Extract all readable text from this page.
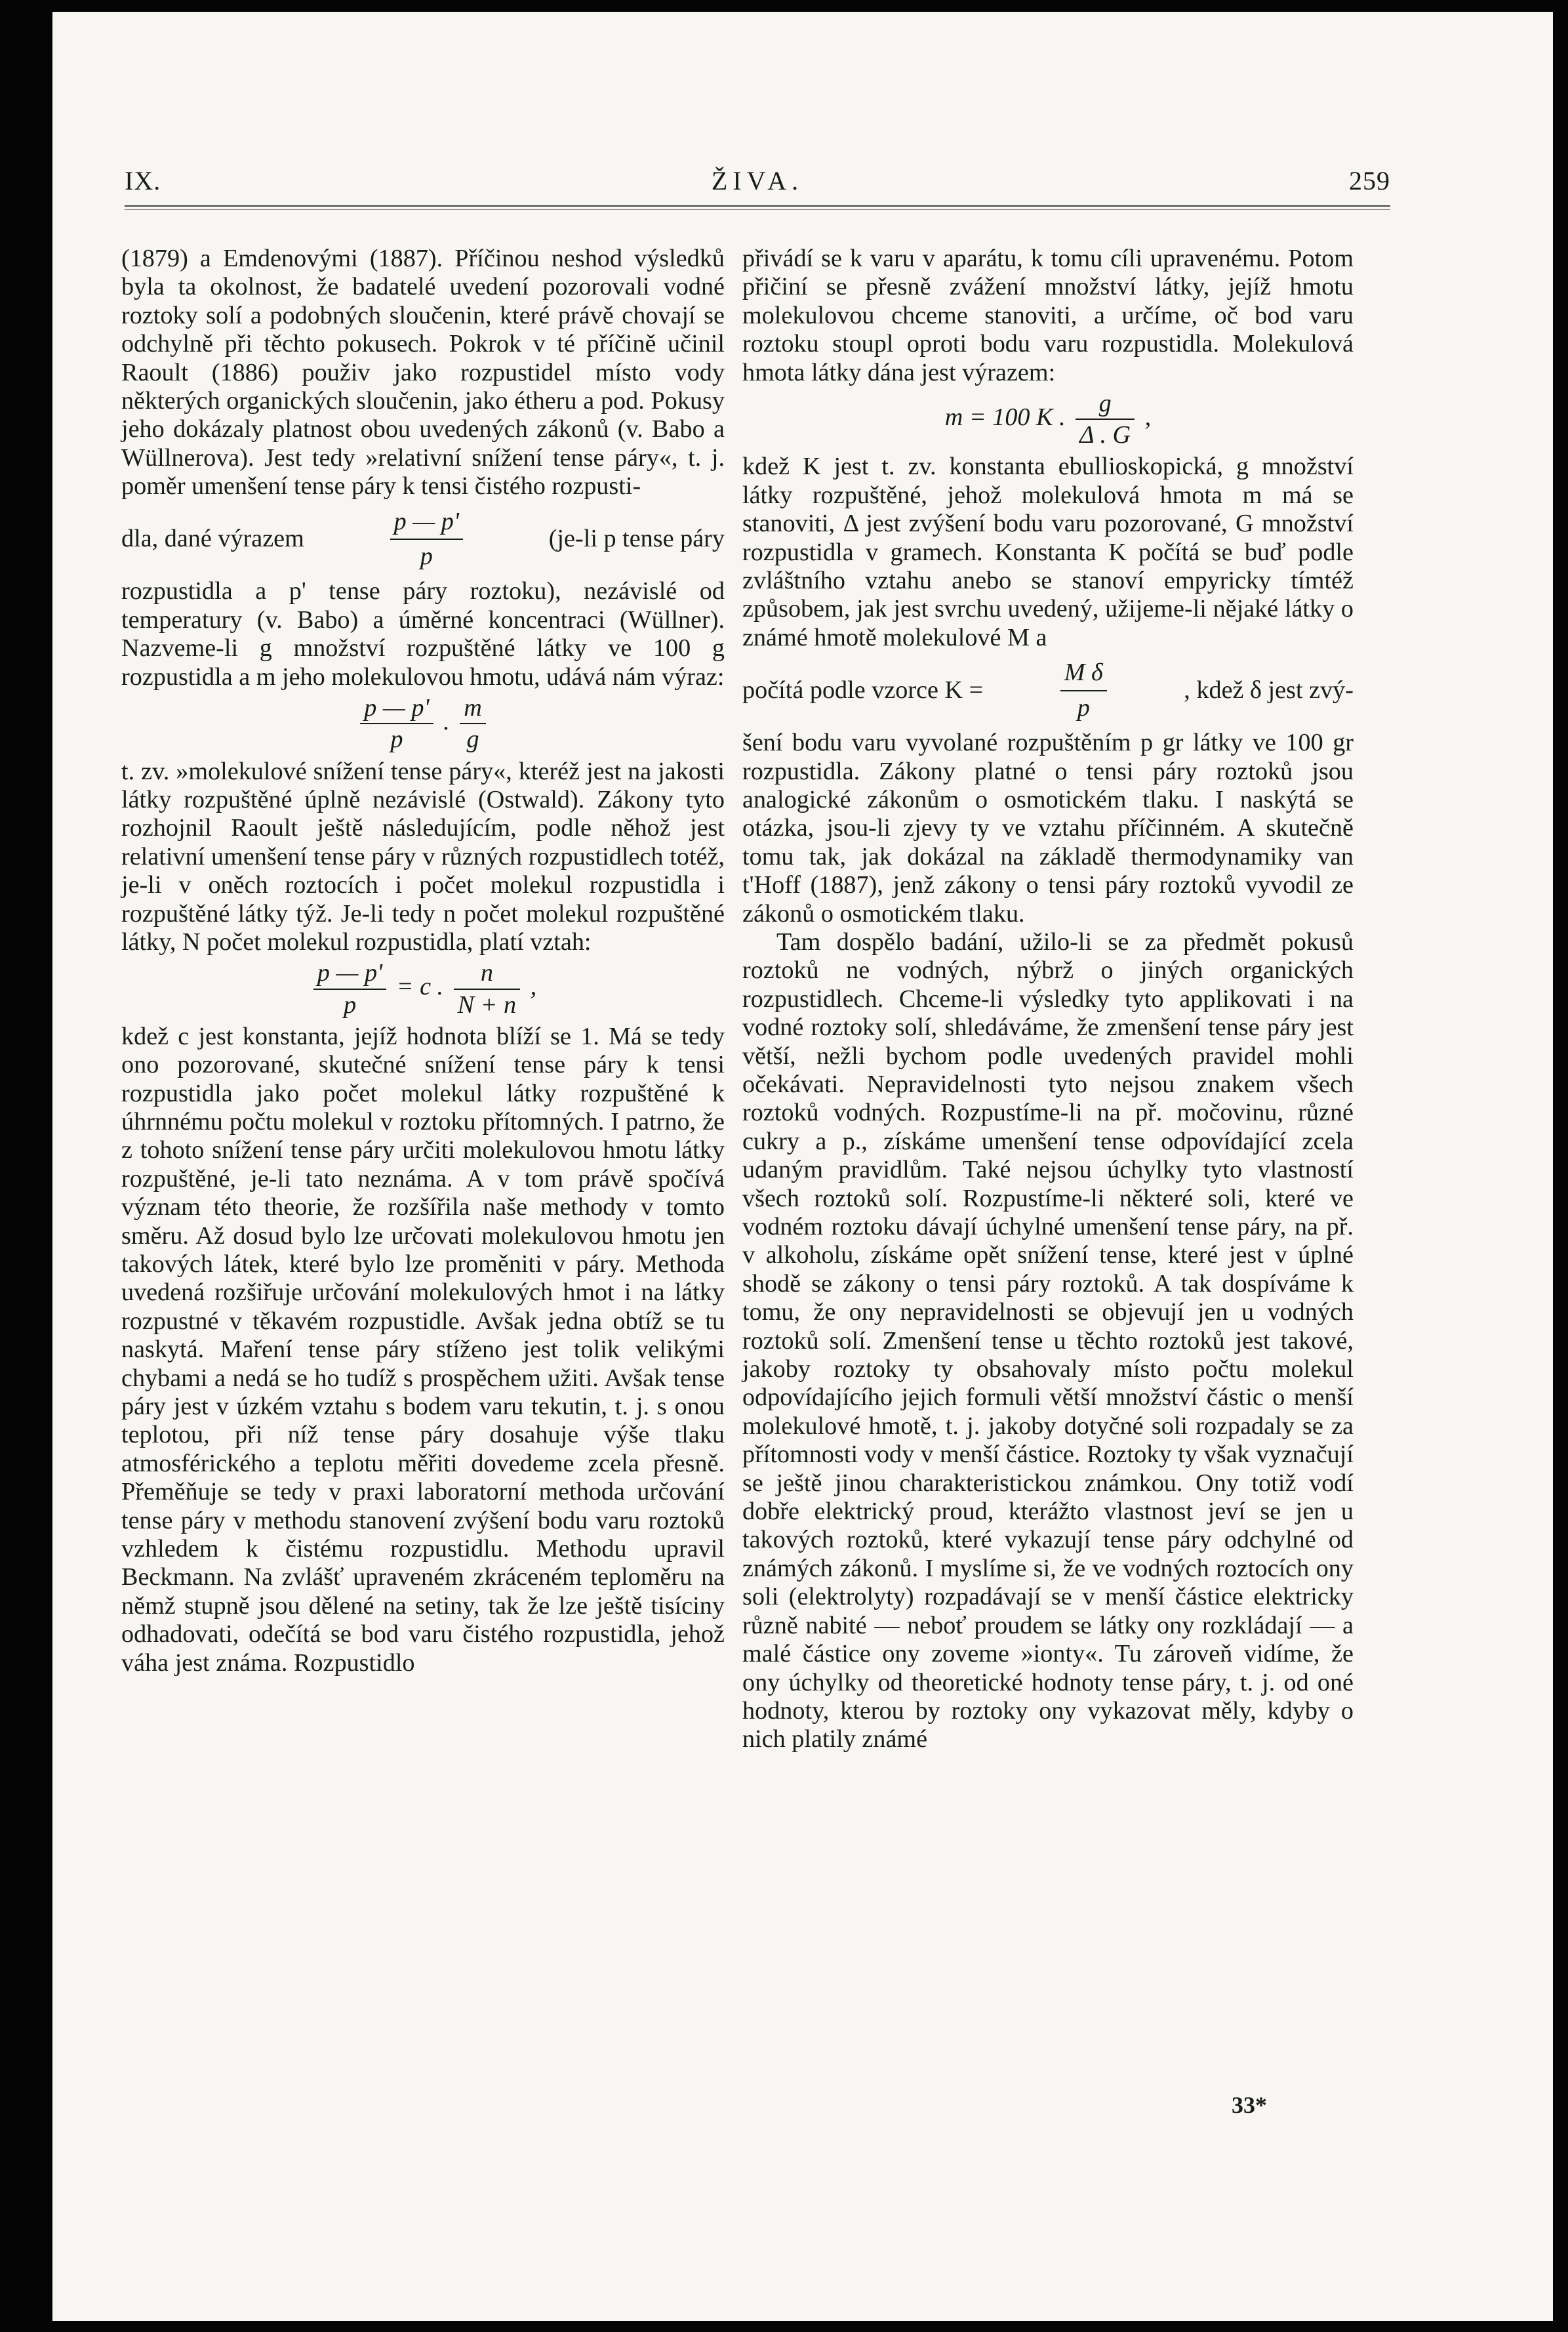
IX.	ŽIVA.	259

(1879) a Emdenovými (1887). Příčinou neshod výsledků byla ta okolnost, že badatelé uvedení pozorovali vodné roztoky solí a podobných sloučenin, které právě chovají se odchylně při těchto pokusech. Pokrok v té příčině učinil Raoult (1886) použiv jako rozpustidel místo vody některých organických sloučenin, jako étheru a pod. Pokusy jeho dokázaly platnost obou uvedených zákonů (v. Babo a Wüllnerova). Jest tedy »relativní snížení tense páry«, t. j. poměr umenšení tense páry k tensi čistého rozpusti-

dla, dané výrazem	$\frac{p — p'}{p}$	(je-li p tense páry

rozpustidla a p' tense páry roztoku), nezávislé od temperatury (v. Babo) a úměrné koncentraci (Wüllner). Nazveme-li g množství rozpuštěné látky ve 100 g rozpustidla a m jeho molekulovou hmotu, udává nám výraz:

$\frac{p — p'}{p}$ . $\frac{m}{g}$

t. zv. »molekulové snížení tense páry«, kteréž jest na jakosti látky rozpuštěné úplně nezávislé (Ostwald). Zákony tyto rozhojnil Raoult ještě následujícím, podle něhož jest relativní umenšení tense páry v různých rozpustidlech totéž, je-li v oněch roztocích i počet molekul rozpustidla i rozpuštěné látky týž. Je-li tedy n počet molekul rozpuštěné látky, N počet molekul rozpustidla, platí vztah:

$\frac{p — p'}{p} = c$ . $\frac{n}{N + n}$ ,

kdež c jest konstanta, jejíž hodnota blíží se 1. Má se tedy ono pozorované, skutečné snížení tense páry k tensi rozpustidla jako počet molekul látky rozpuštěné k úhrnnému počtu molekul v roztoku přítomných. I patrno, že z tohoto snížení tense páry určiti molekulovou hmotu látky rozpuštěné, je-li tato neznáma. A v tom právě spočívá význam této theorie, že rozšířila naše methody v tomto směru. Až dosud bylo lze určovati molekulovou hmotu jen takových látek, které bylo lze proměniti v páry. Methoda uvedená rozšiřuje určování molekulových hmot i na látky rozpustné v těkavém rozpustidle. Avšak jedna obtíž se tu naskytá. Maření tense páry stíženo jest tolik velikými chybami a nedá se ho tudíž s prospěchem užiti. Avšak tense páry jest v úzkém vztahu s bodem varu tekutin, t. j. s onou teplotou, při níž tense páry dosahuje výše tlaku atmosférického a teplotu měřiti dovedeme zcela přesně. Přeměňuje se tedy v praxi laboratorní methoda určování tense páry v methodu stanovení zvýšení bodu varu roztoků vzhledem k čistému rozpustidlu. Methodu upravil Beckmann. Na zvlášť upraveném zkráceném teploměru na němž stupně jsou dělené na setiny, tak že lze ještě tisíciny odhadovati, odečítá se bod varu čistého rozpustidla, jehož váha jest známa. Rozpustidlo

přivádí se k varu v aparátu, k tomu cíli upravenému. Potom přičiní se přesně zvážení množství látky, jejíž hmotu molekulovou chceme stanoviti, a určíme, oč bod varu roztoku stoupl oproti bodu varu rozpustidla. Molekulová hmota látky dána jest výrazem:

m = 100 K . $\frac{g}{\Delta . G}$ ,

kdež K jest t. zv. konstanta ebullioskopická, g množství látky rozpuštěné, jehož molekulová hmota m má se stanoviti, Δ jest zvýšení bodu varu pozorované, G množství rozpustidla v gramech. Konstanta K počítá se buď podle zvláštního vztahu anebo se stanoví empyricky tímtéž způsobem, jak jest svrchu uvedený, užijeme-li nějaké látky o známé hmotě molekulové M a

počítá podle vzorce K =	$\frac{\text{M δ}}{p}$	, kdež δ jest zvý-

šení bodu varu vyvolané rozpuštěním p gr látky ve 100 gr rozpustidla. Zákony platné o tensi páry roztoků jsou analogické zákonům o osmotickém tlaku. I naskýtá se otázka, jsou-li zjevy ty ve vztahu příčinném. A skutečně tomu tak, jak dokázal na základě thermodynamiky van t'Hoff (1887), jenž zákony o tensi páry roztoků vyvodil ze zákonů o osmotickém tlaku.

Tam dospělo badání, užilo-li se za předmět pokusů roztoků ne vodných, nýbrž o jiných organických rozpustidlech. Chceme-li výsledky tyto applikovati i na vodné roztoky solí, shledáváme, že zmenšení tense páry jest větší, nežli bychom podle uvedených pravidel mohli očekávati. Nepravidelnosti tyto nejsou znakem všech roztoků vodných. Rozpustíme-li na př. močovinu, různé cukry a p., získáme umenšení tense odpovídající zcela udaným pravidlům. Také nejsou úchylky tyto vlastností všech roztoků solí. Rozpustíme-li některé soli, které ve vodném roztoku dávají úchylné umenšení tense páry, na př. v alkoholu, získáme opět snížení tense, které jest v úplné shodě se zákony o tensi páry roztoků. A tak dospíváme k tomu, že ony nepravidelnosti se objevují jen u vodných roztoků solí. Zmenšení tense u těchto roztoků jest takové, jakoby roztoky ty obsahovaly místo počtu molekul odpovídajícího jejich formuli větší množství částic o menší molekulové hmotě, t. j. jakoby dotyčné soli rozpadaly se za přítomnosti vody v menší částice. Roztoky ty však vyznačují se ještě jinou charakteristickou známkou. Ony totiž vodí dobře elektrický proud, kterážto vlastnost jeví se jen u takových roztoků, které vykazují tense páry odchylné od známých zákonů. I myslíme si, že ve vodných roztocích ony soli (elektrolyty) rozpadávají se v menší částice elektricky různě nabité — neboť proudem se látky ony rozkládají — a malé částice ony zoveme »ionty«. Tu zároveň vidíme, že ony úchylky od theoretické hodnoty tense páry, t. j. od oné hodnoty, kterou by roztoky ony vykazovat měly, kdyby o nich platily známé

33*
